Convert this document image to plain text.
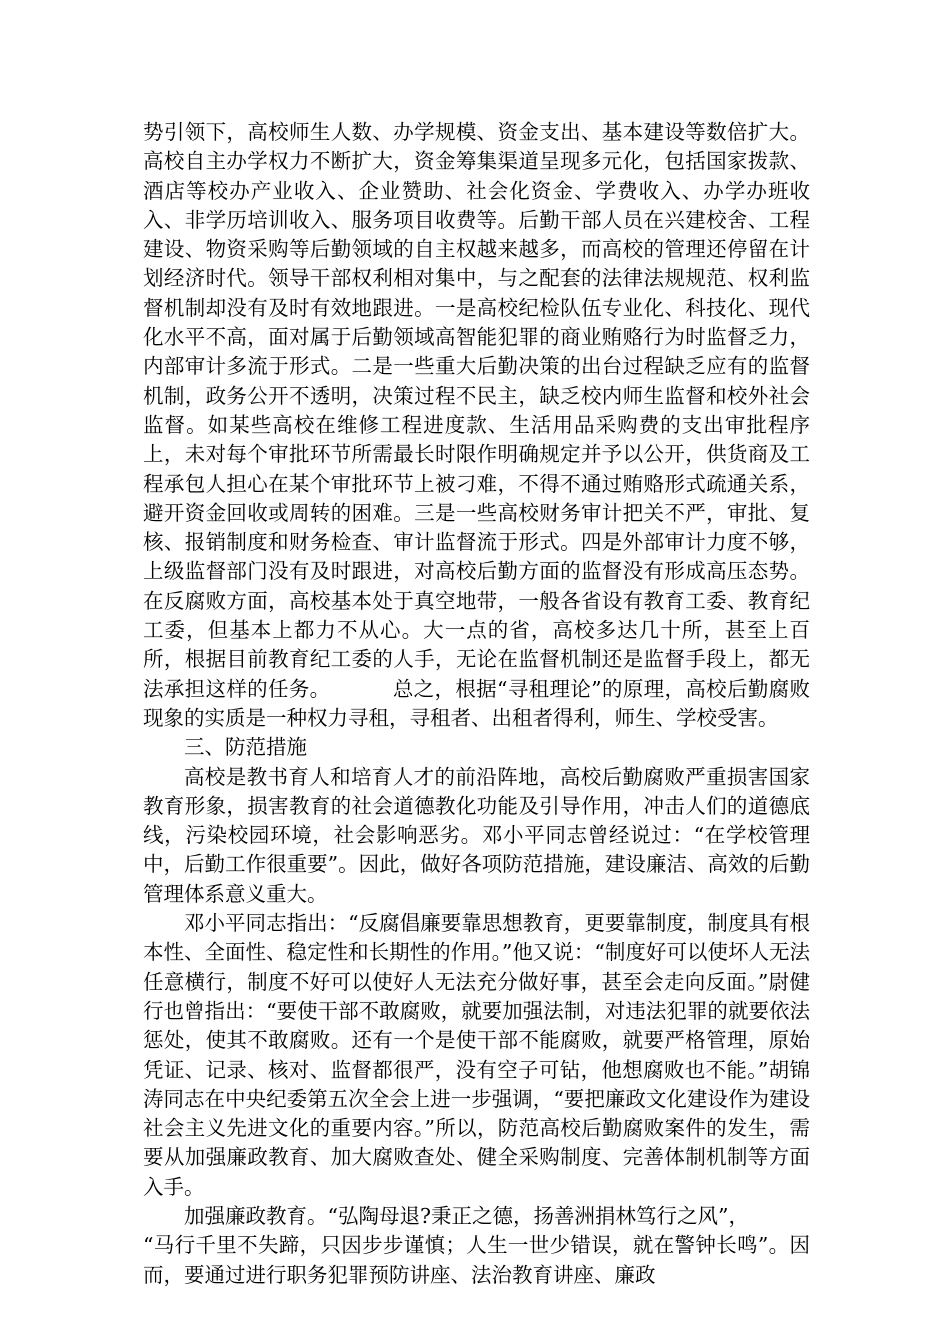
势引领下，高校师生人数、办学规模、资金支出、基本建设等数倍扩大。高校自主办学权力不断扩大，资金筹集渠道呈现多元化，包括国家拨款、酒店等校办产业收入、企业赞助、社会化资金、学费收入、办学办班收入、非学历培训收入、服务项目收费等。后勤干部人员在兴建校舍、工程建设、物资采购等后勤领域的自主权越来越多，而高校的管理还停留在计划经济时代。领导干部权利相对集中，与之配套的法律法规规范、权利监督机制却没有及时有效地跟进。一是高校纪检队伍专业化、科技化、现代化水平不高，面对属于后勤领域高智能犯罪的商业贿赂行为时监督乏力，内部审计多流于形式。二是一些重大后勤决策的出台过程缺乏应有的监督机制，政务公开不透明，决策过程不民主，缺乏校内师生监督和校外社会监督。如某些高校在维修工程进度款、生活用品采购费的支出审批程序上，未对每个审批环节所需最长时限作明确规定并予以公开，供货商及工程承包人担心在某个审批环节上被刁难，不得不通过贿赂形式疏通关系，避开资金回收或周转的困难。三是一些高校财务审计把关不严，审批、复核、报销制度和财务检查、审计监督流于形式。四是外部审计力度不够，上级监督部门没有及时跟进，对高校后勤方面的监督没有形成高压态势。在反腐败方面，高校基本处于真空地带，一般各省设有教育工委、教育纪工委，但基本上都力不从心。大一点的省，高校多达几十所，甚至上百所，根据目前教育纪工委的人手，无论在监督机制还是监督手段上，都无法承担这样的任务。	总之，根据“寻租理论”的原理，高校后勤腐败现象的实质是一种权力寻租，寻租者、出租者得利，师生、学校受害。

三、防范措施

高校是教书育人和培育人才的前沿阵地，高校后勤腐败严重损害国家教育形象，损害教育的社会道德教化功能及引导作用，冲击人们的道德底线，污染校园环境，社会影响恶劣。邓小平同志曾经说过：“在学校管理中，后勤工作很重要”。因此，做好各项防范措施，建设廉洁、高效的后勤管理体系意义重大。

邓小平同志指出：“反腐倡廉要靠思想教育，更要靠制度，制度具有根本性、全面性、稳定性和长期性的作用。”他又说：“制度好可以使坏人无法任意横行，制度不好可以使好人无法充分做好事，甚至会走向反面。”尉健行也曾指出：“要使干部不敢腐败，就要加强法制，对违法犯罪的就要依法惩处，使其不敢腐败。还有一个是使干部不能腐败，就要严格管理，原始凭证、记录、核对、监督都很严，没有空子可钻，他想腐败也不能。”胡锦涛同志在中央纪委第五次全会上进一步强调，“要把廉政文化建设作为建设社会主义先进文化的重要内容。”所以，防范高校后勤腐败案件的发生，需要从加强廉政教育、加大腐败查处、健全采购制度、完善体制机制等方面入手。

加强廉政教育。“弘陶母退?秉正之德，扬善洲捐林笃行之风”，

“马行千里不失蹄，只因步步谨慎；人生一世少错误，就在警钟长鸣”。因而，要通过进行职务犯罪预防讲座、法治教育讲座、廉政
